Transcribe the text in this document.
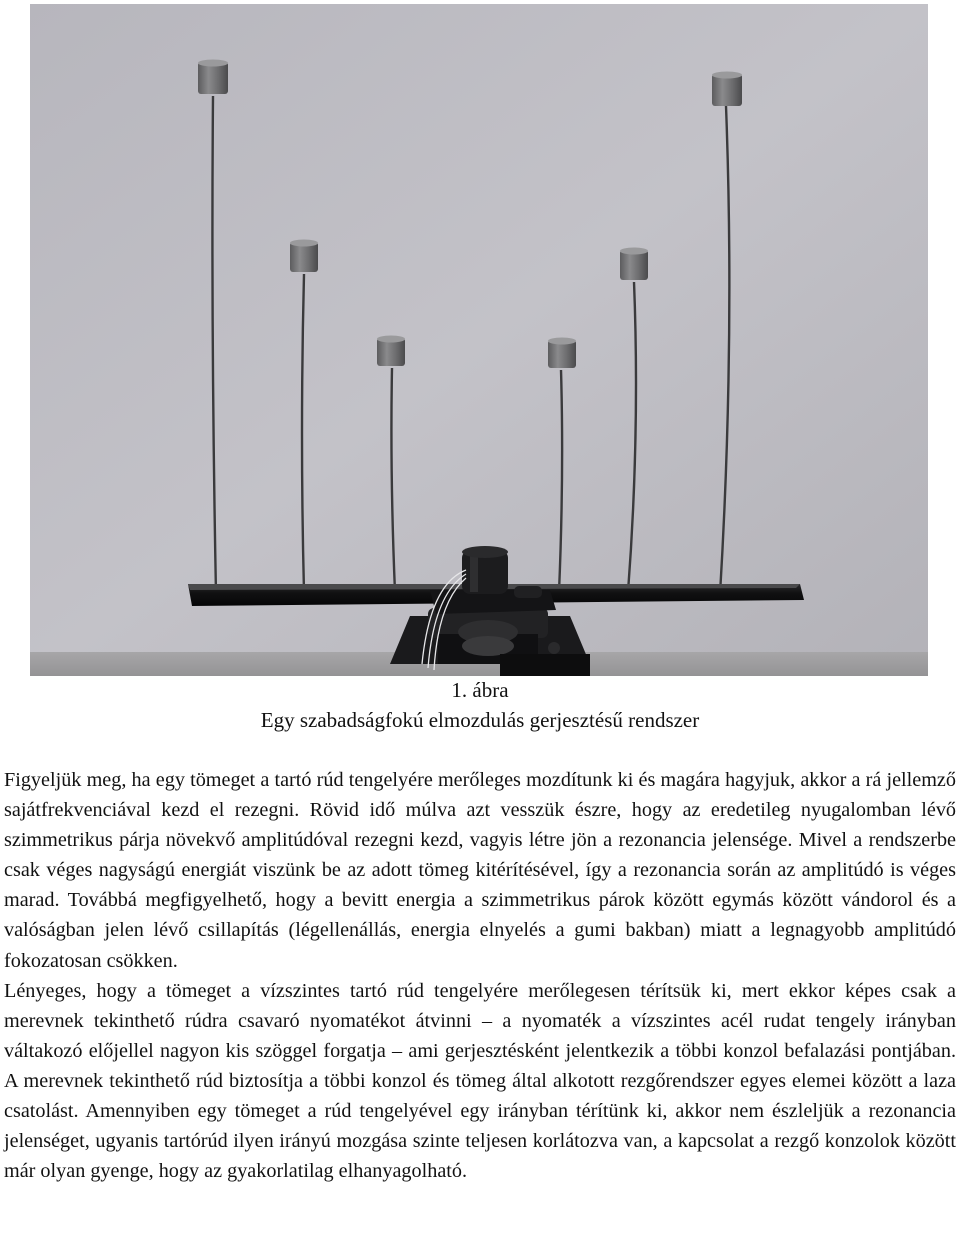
1. ábra
Egy szabadságfokú elmozdulás gerjesztésű rendszer

Figyeljük meg, ha egy tömeget a tartó rúd tengelyére merőleges mozdítunk ki és magára hagyjuk, akkor a rá jellemző sajátfrekvenciával kezd el rezegni. Rövid idő múlva azt vesszük észre, hogy az eredetileg nyugalomban lévő szimmetrikus párja növekvő amplitúdóval rezegni kezd, vagyis létre jön a rezonancia jelensége. Mivel a rendszerbe csak véges nagyságú energiát viszünk be az adott tömeg kitérítésével, így a rezonancia során az amplitúdó is véges marad. Továbbá megfigyelhető, hogy a bevitt energia a szimmetrikus párok között egymás között vándorol és a valóságban jelen lévő csillapítás (légellenállás, energia elnyelés a gumi bakban) miatt a legnagyobb amplitúdó fokozatosan csökken.

Lényeges, hogy a tömeget a vízszintes tartó rúd tengelyére merőlegesen térítsük ki, mert ekkor képes csak a merevnek tekinthető rúdra csavaró nyomatékot átvinni – a nyomaték a vízszintes acél rudat tengely irányban váltakozó előjellel nagyon kis szöggel forgatja – ami gerjesztésként jelentkezik a többi konzol befalazási pontjában. A merevnek tekinthető rúd biztosítja a többi konzol és tömeg által alkotott rezgőrendszer egyes elemei között a laza csatolást. Amennyiben egy tömeget a rúd tengelyével egy irányban térítünk ki, akkor nem észleljük a rezonancia jelenséget, ugyanis tartórúd ilyen irányú mozgása szinte teljesen korlátozva van, a kapcsolat a rezgő konzolok között már olyan gyenge, hogy az gyakorlatilag elhanyagolható.
